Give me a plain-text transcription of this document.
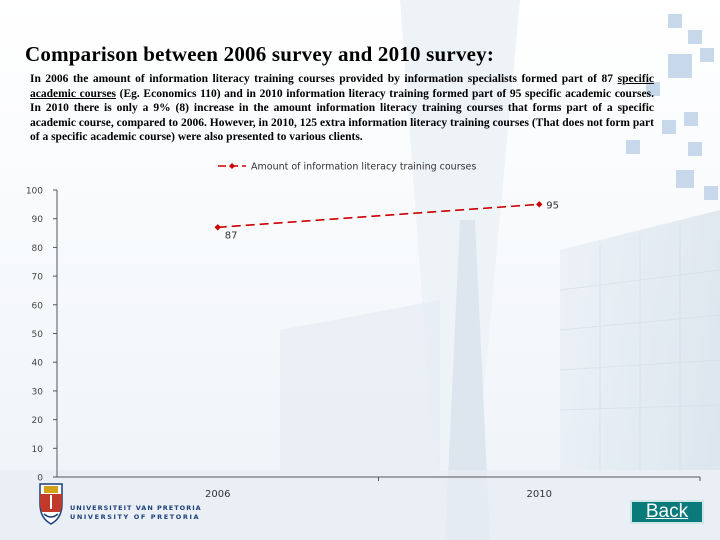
Comparison between 2006 survey and 2010 survey:
In 2006 the amount of information literacy training courses provided by information specialists formed part of 87 specific academic courses (Eg. Economics 110) and in 2010 information literacy training formed part of 95 specific academic courses. In 2010 there is only a 9% (8) increase in the amount information literacy training courses that forms part of a specific academic course, compared to 2006. However, in 2010, 125 extra information literacy training courses (That does not form part of a specific academic course) were also presented to various clients.
0
10
20
30
40
50
60
70
80
90
100
2006	2010
87
95
Amount of information literacy training courses
UNIVERSITEIT VAN PRETORIA
UNIVERSITY OF PRETORIA	Back
